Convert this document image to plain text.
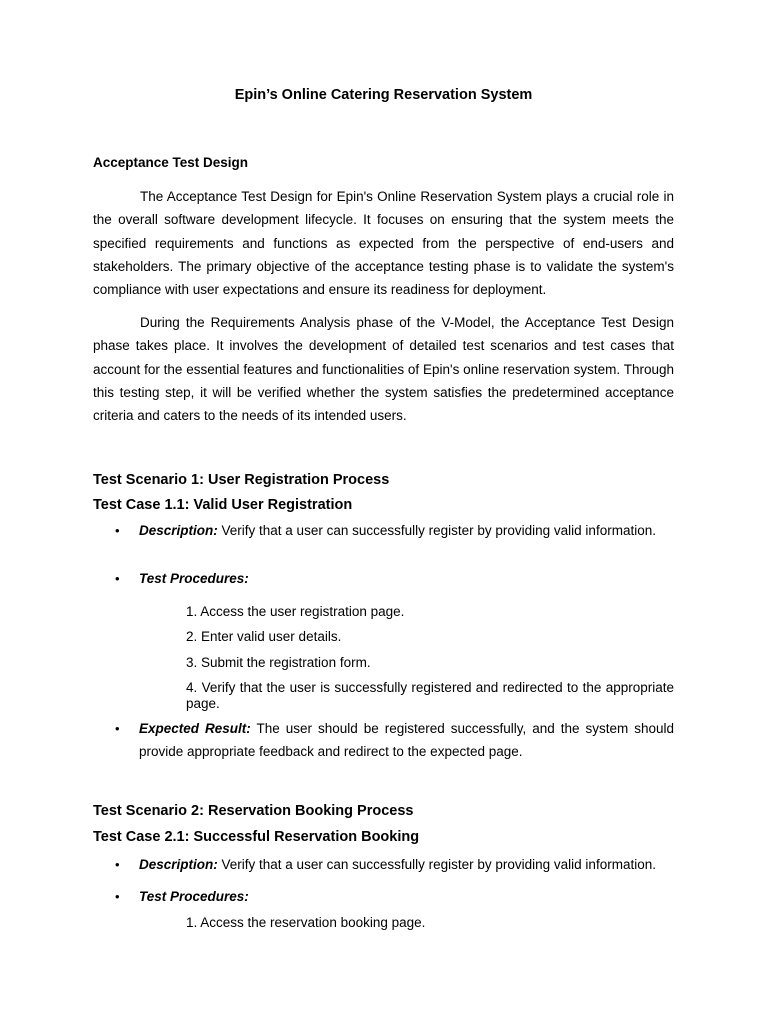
Epin’s Online Catering Reservation System
Acceptance Test Design

The Acceptance Test Design for Epin's Online Reservation System plays a crucial role in the overall software development lifecycle. It focuses on ensuring that the system meets the specified requirements and functions as expected from the perspective of end-users and stakeholders. The primary objective of the acceptance testing phase is to validate the system's compliance with user expectations and ensure its readiness for deployment.

During the Requirements Analysis phase of the V-Model, the Acceptance Test Design phase takes place. It involves the development of detailed test scenarios and test cases that account for the essential features and functionalities of Epin's online reservation system. Through this testing step, it will be verified whether the system satisfies the predetermined acceptance criteria and caters to the needs of its intended users.

Test Scenario 1: User Registration Process
Test Case 1.1: Valid User Registration
• Description: Verify that a user can successfully register by providing valid information.
• Test Procedures:

1. Access the user registration page.

2. Enter valid user details.

3. Submit the registration form.

4. Verify that the user is successfully registered and redirected to the appropriate page.

• Expected Result: The user should be registered successfully, and the system should provide appropriate feedback and redirect to the expected page.
Test Scenario 2: Reservation Booking Process
Test Case 2.1: Successful Reservation Booking
• Description: Verify that a user can successfully register by providing valid information.
• Test Procedures:

1. Access the reservation booking page.
